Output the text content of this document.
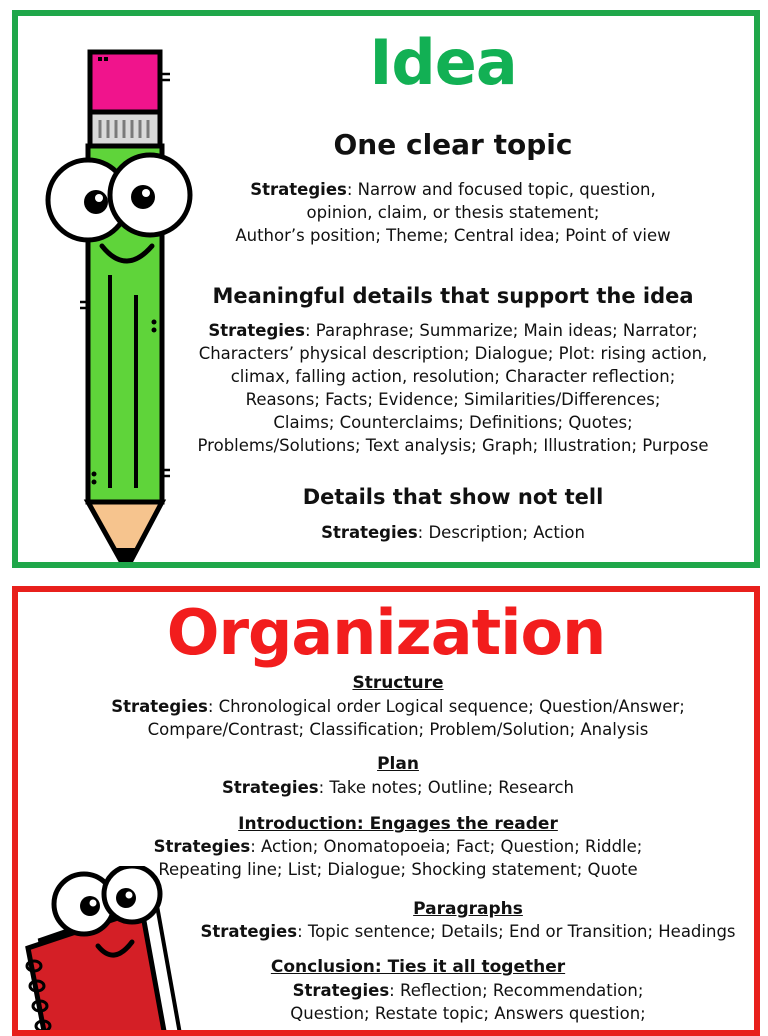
Idea
One clear topic
Strategies: Narrow and focused topic, question,
opinion, claim, or thesis statement;
Author’s position; Theme; Central idea; Point of view
Meaningful details that support the idea
Strategies: Paraphrase; Summarize; Main ideas; Narrator;
Characters’ physical description; Dialogue; Plot: rising action,
climax, falling action, resolution; Character reflection;
Reasons; Facts; Evidence; Similarities/Differences;
Claims; Counterclaims; Definitions; Quotes;
Problems/Solutions; Text analysis; Graph; Illustration; Purpose
Details that show not tell
Strategies: Description; Action
Organization
Structure
Strategies: Chronological order Logical sequence; Question/Answer;
Compare/Contrast; Classification; Problem/Solution; Analysis
Plan
Strategies: Take notes; Outline; Research
Introduction: Engages the reader
Strategies: Action; Onomatopoeia; Fact; Question; Riddle;
Repeating line; List; Dialogue; Shocking statement; Quote
Paragraphs
Strategies: Topic sentence; Details; End or Transition; Headings
Conclusion: Ties it all together
Strategies: Reflection; Recommendation;
Question; Restate topic; Answers question;
